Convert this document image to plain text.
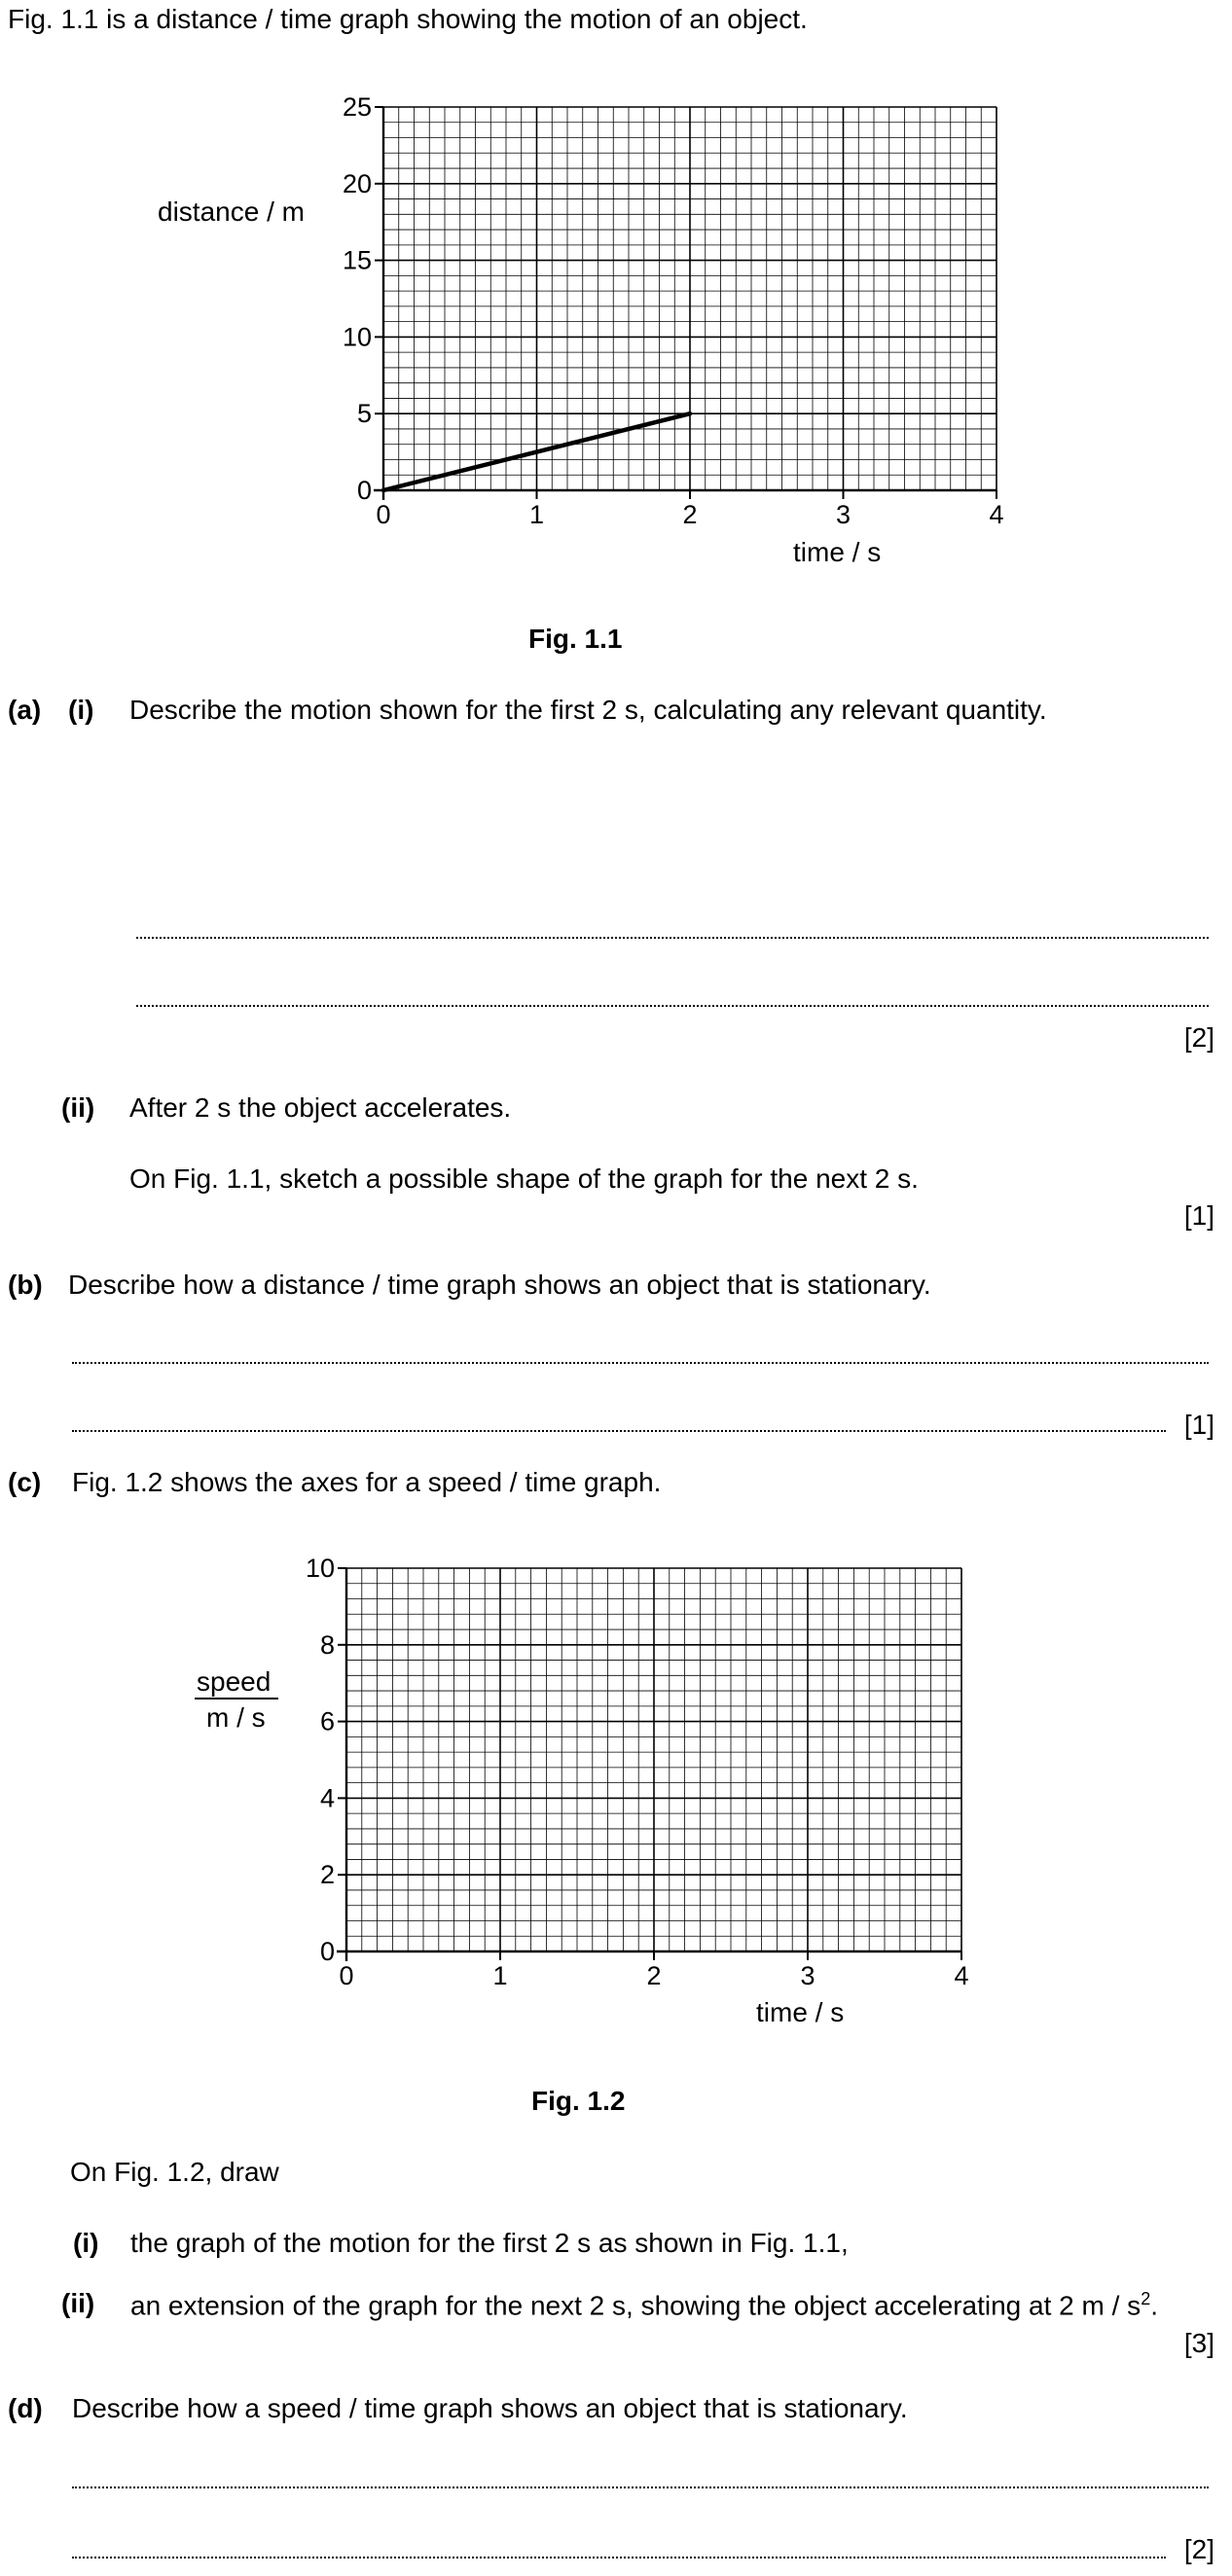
Fig. 1.1 is a distance / time graph showing the motion of an object.
distance / m
0
5
10
15
20
25
0	1	2	3	4
time / s
Fig. 1.1
(a) (i) Describe the motion shown for the first 2 s, calculating any relevant quantity.
[2]
(ii) After 2 s the object accelerates.
On Fig. 1.1, sketch a possible shape of the graph for the next 2 s.
[1]
(b) Describe how a distance / time graph shows an object that is stationary.
[1]
(c) Fig. 1.2 shows the axes for a speed / time graph.
speed
m / s
0
2
4
6
8
10
0	1	2	3	4
time / s
Fig. 1.2
On Fig. 1.2, draw
(i) the graph of the motion for the first 2 s as shown in Fig. 1.1,
(ii) an extension of the graph for the next 2 s, showing the object accelerating at 2 m / $s^2$.
[3]
(d) Describe how a speed / time graph shows an object that is stationary.
[2]
